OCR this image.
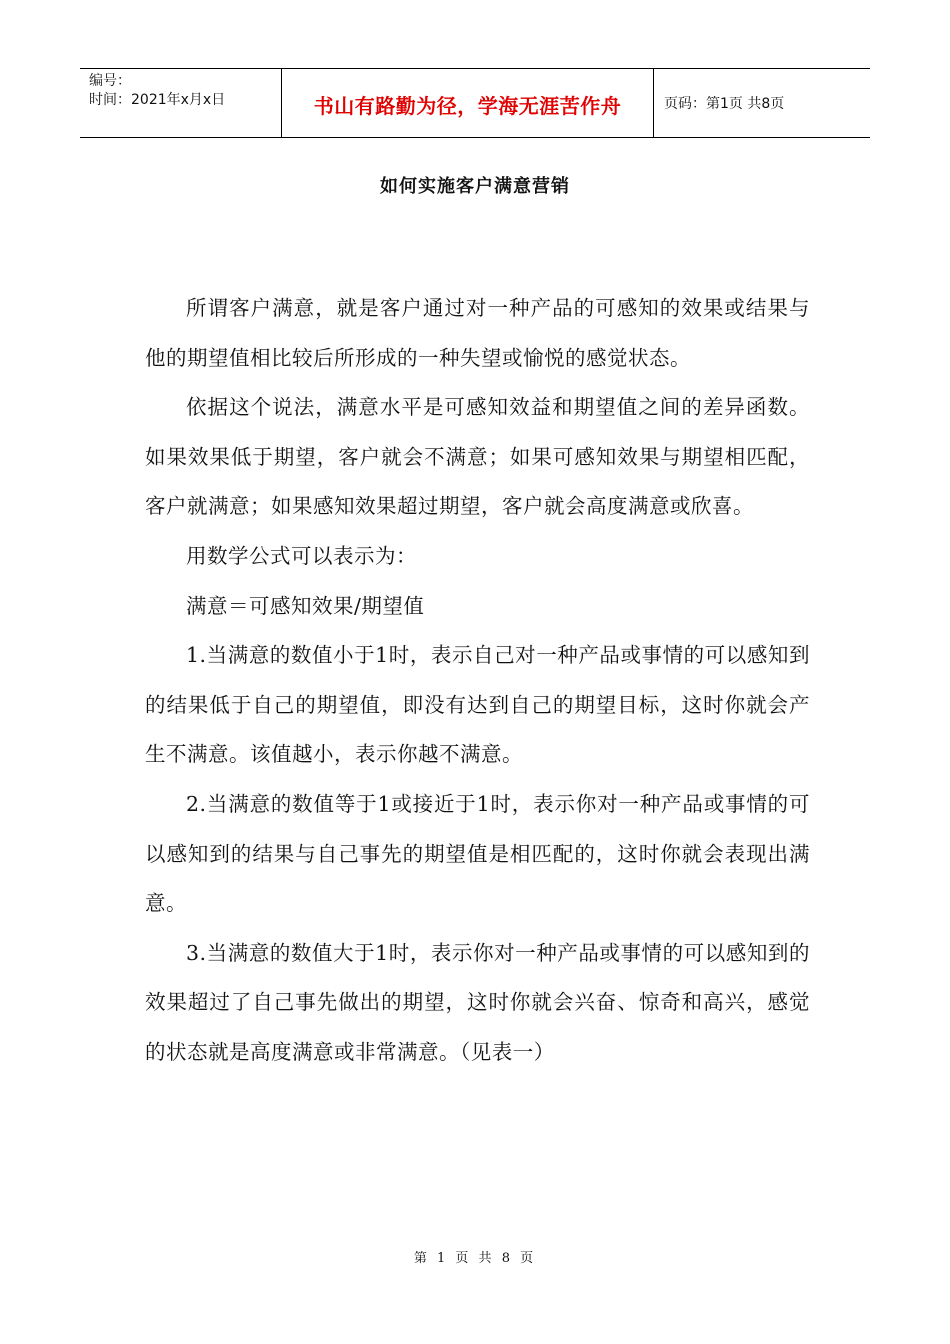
编号：
时间：2021年x月x日	书山有路勤为径，学海无涯苦作舟	页码：第1页 共8页
如何实施客户满意营销

所谓客户满意，就是客户通过对一种产品的可感知的效果或结果与他的期望值相比较后所形成的一种失望或愉悦的感觉状态。

依据这个说法，满意水平是可感知效益和期望值之间的差异函数。如果效果低于期望，客户就会不满意；如果可感知效果与期望相匹配，客户就满意；如果感知效果超过期望，客户就会高度满意或欣喜。

用数学公式可以表示为：

满意＝可感知效果/期望值

1.当满意的数值小于1时，表示自己对一种产品或事情的可以感知到的结果低于自己的期望值，即没有达到自己的期望目标，这时你就会产生不满意。该值越小，表示你越不满意。

2.当满意的数值等于1或接近于1时，表示你对一种产品或事情的可以感知到的结果与自己事先的期望值是相匹配的，这时你就会表现出满意。

3.当满意的数值大于1时，表示你对一种产品或事情的可以感知到的效果超过了自己事先做出的期望，这时你就会兴奋、惊奇和高兴，感觉的状态就是高度满意或非常满意。（见表一）

第 1 页 共 8 页
